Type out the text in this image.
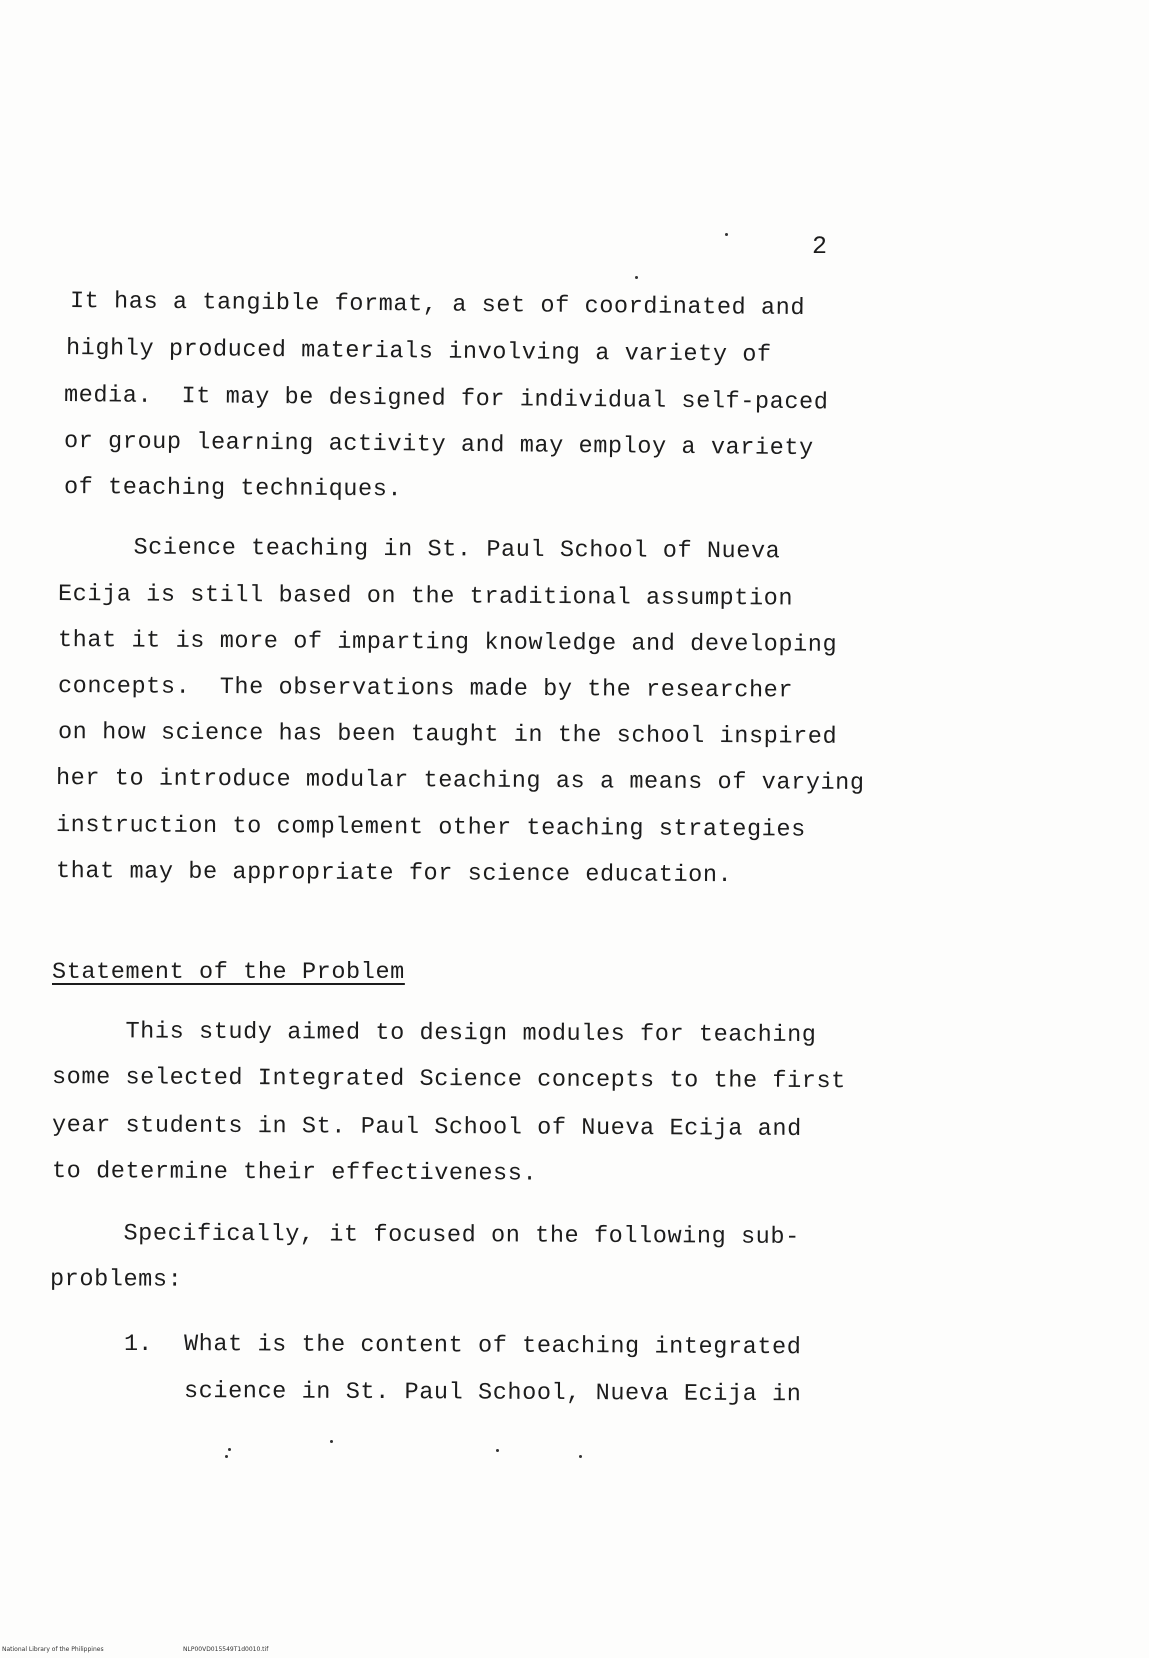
2
It has a tangible format, a set of coordinated and
highly produced materials involving a variety of
media.  It may be designed for individual self-paced
or group learning activity and may employ a variety
of teaching techniques.
Science teaching in St. Paul School of Nueva
Ecija is still based on the traditional assumption
that it is more of imparting knowledge and developing
concepts.  The observations made by the researcher
on how science has been taught in the school inspired
her to introduce modular teaching as a means of varying
instruction to complement other teaching strategies
that may be appropriate for science education.
Statement of the Problem
This study aimed to design modules for teaching
some selected Integrated Science concepts to the first
year students in St. Paul School of Nueva Ecija and
to determine their effectiveness.
Specifically, it focused on the following sub-
problems:
1. What is the content of teaching integrated
science in St. Paul School, Nueva Ecija in
National Library of the Philippines	NLP00VD015549T1d0010.tif
